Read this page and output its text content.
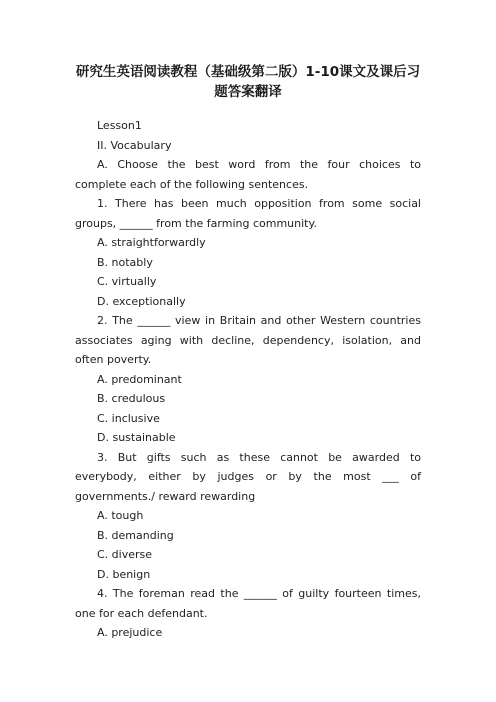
研究生英语阅读教程（基础级第二版）1-10课文及课后习题答案翻译

Lesson1

II. Vocabulary

A. Choose the best word from the four choices to complete each of the following sentences.

1. There has been much opposition from some social groups, ______ from the farming community.

A. straightforwardly

B. notably

C. virtually

D. exceptionally

2. The ______ view in Britain and other Western countries associates aging with decline, dependency, isolation, and often poverty.

A. predominant

B. credulous

C. inclusive

D. sustainable

3. But gifts such as these cannot be awarded to everybody, either by judges or by the most ___ of governments./ reward rewarding

A. tough

B. demanding

C. diverse

D. benign

4. The foreman read the ______ of guilty fourteen times, one for each defendant.

A. prejudice
